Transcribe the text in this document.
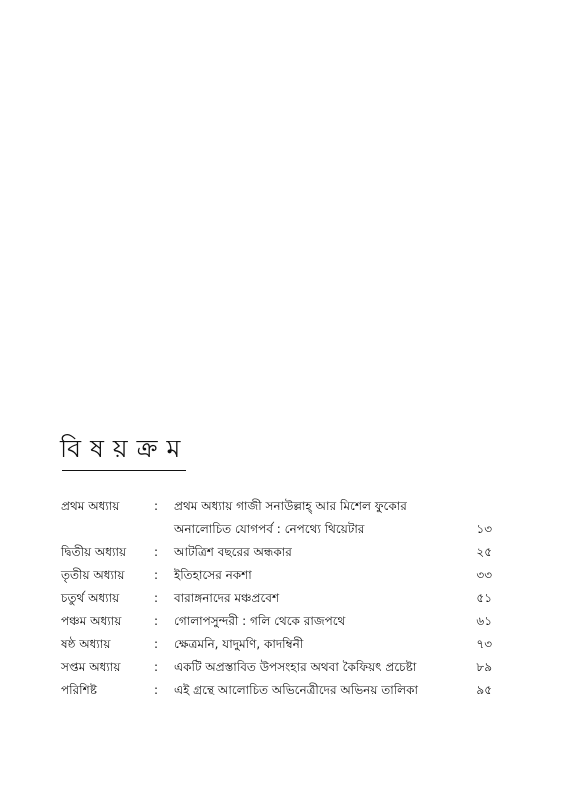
বিষয়ক্রম
প্রথম অধ্যায়	: প্রথম অধ্যায় গাজী সনাউল্লাহ্‌ আর মিশেল ফুকোর অনালোচিত যোগপর্ব : নেপথ্যে থিয়েটার	১৩
দ্বিতীয় অধ্যায় : আটত্রিশ বছরের অন্ধকার	২৫
তৃতীয় অধ্যায় : ইতিহাসের নকশা	৩৩
চতুর্থ অধ্যায়	: বারাঙ্গনাদের মঞ্চপ্রবেশ	৫১
পঞ্চম অধ্যায়	: গোলাপসুন্দরী : গলি থেকে রাজপথে	৬১
ষষ্ঠ অধ্যায়	: ক্ষেত্রমনি, যাদুমণি, কাদম্বিনী	৭৩
সপ্তম অধ্যায়	: একটি অপ্রস্তাবিত উপসংহার অথবা কৈফিয়ৎ প্রচেষ্টা	৮৯
পরিশিষ্ট	: এই গ্রন্থে আলোচিত অভিনেত্রীদের অভিনয় তালিকা	৯৫
